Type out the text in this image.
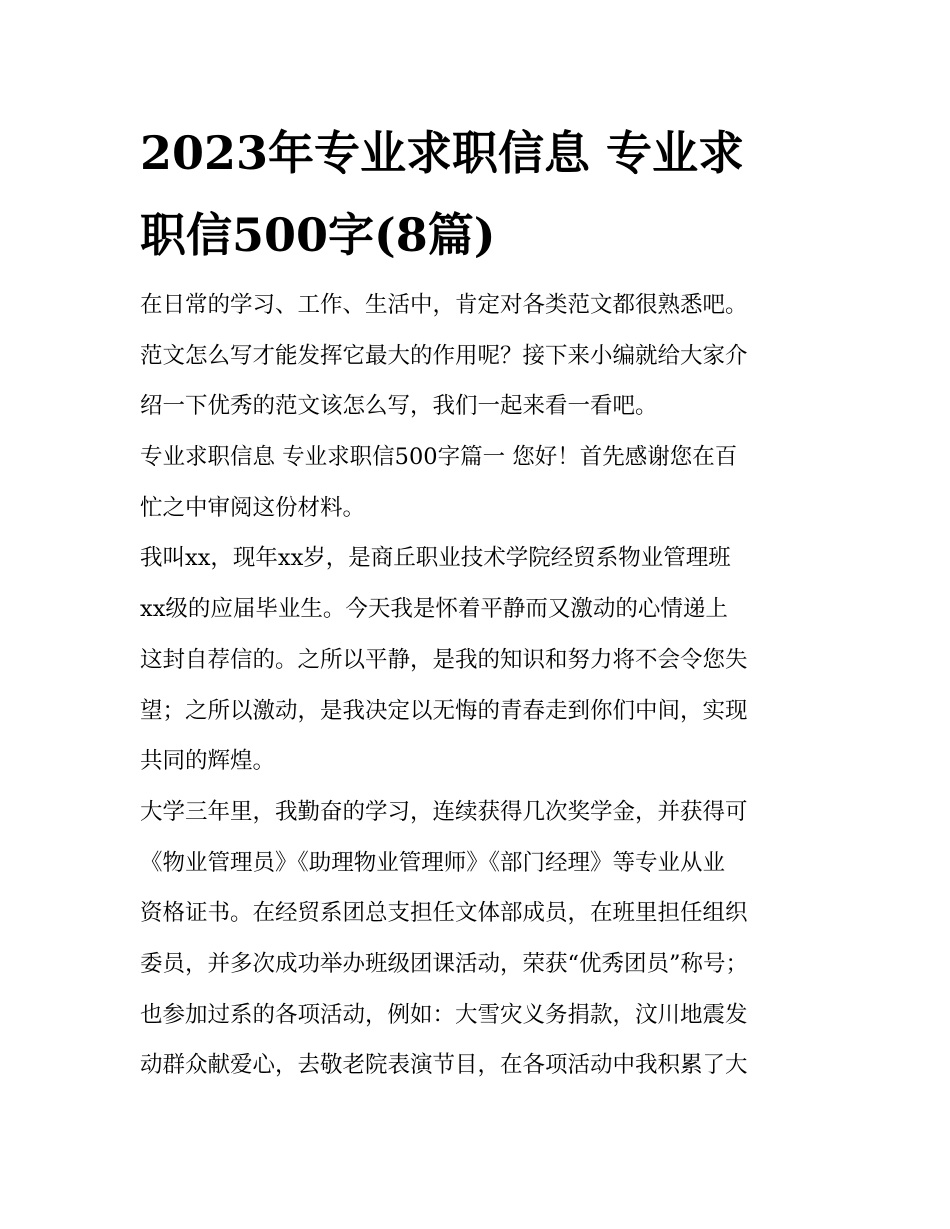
2023年专业求职信息 专业求
职信500字(8篇)

在日常的学习、工作、生活中，肯定对各类范文都很熟悉吧。
范文怎么写才能发挥它最大的作用呢？接下来小编就给大家介
绍一下优秀的范文该怎么写，我们一起来看一看吧。

专业求职信息 专业求职信500字篇一 您好！首先感谢您在百
忙之中审阅这份材料。

我叫xx，现年xx岁，是商丘职业技术学院经贸系物业管理班
xx级的应届毕业生。今天我是怀着平静而又激动的心情递上
这封自荐信的。之所以平静，是我的知识和努力将不会令您失
望；之所以激动，是我决定以无悔的青春走到你们中间，实现
共同的辉煌。

大学三年里，我勤奋的学习，连续获得几次奖学金，并获得可
《物业管理员》《助理物业管理师》《部门经理》等专业从业
资格证书。在经贸系团总支担任文体部成员，在班里担任组织
委员，并多次成功举办班级团课活动，荣获“优秀团员”称号；
也参加过系的各项活动，例如：大雪灾义务捐款，汶川地震发
动群众献爱心，去敬老院表演节目，在各项活动中我积累了大
